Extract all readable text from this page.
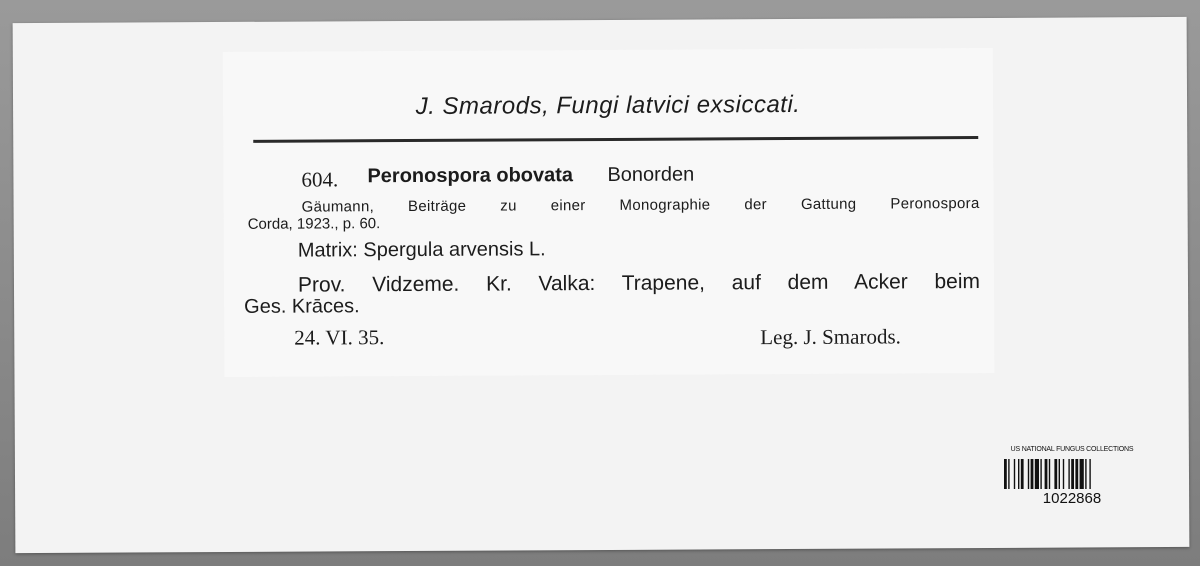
J. Smarods, Fungi latvici exsiccati.
604. Peronospora obovata Bonorden
Gäumann, Beiträge zu einer Monographie der Gattung Peronospora
Corda, 1923., p. 60.
Matrix: Spergula arvensis L.
Prov. Vidzeme. Kr. Valka: Trapene, auf dem Acker beim
Ges. Krāces.
24. VI. 35.	Leg. J. Smarods.
US NATIONAL FUNGUS COLLECTIONS
1022868
